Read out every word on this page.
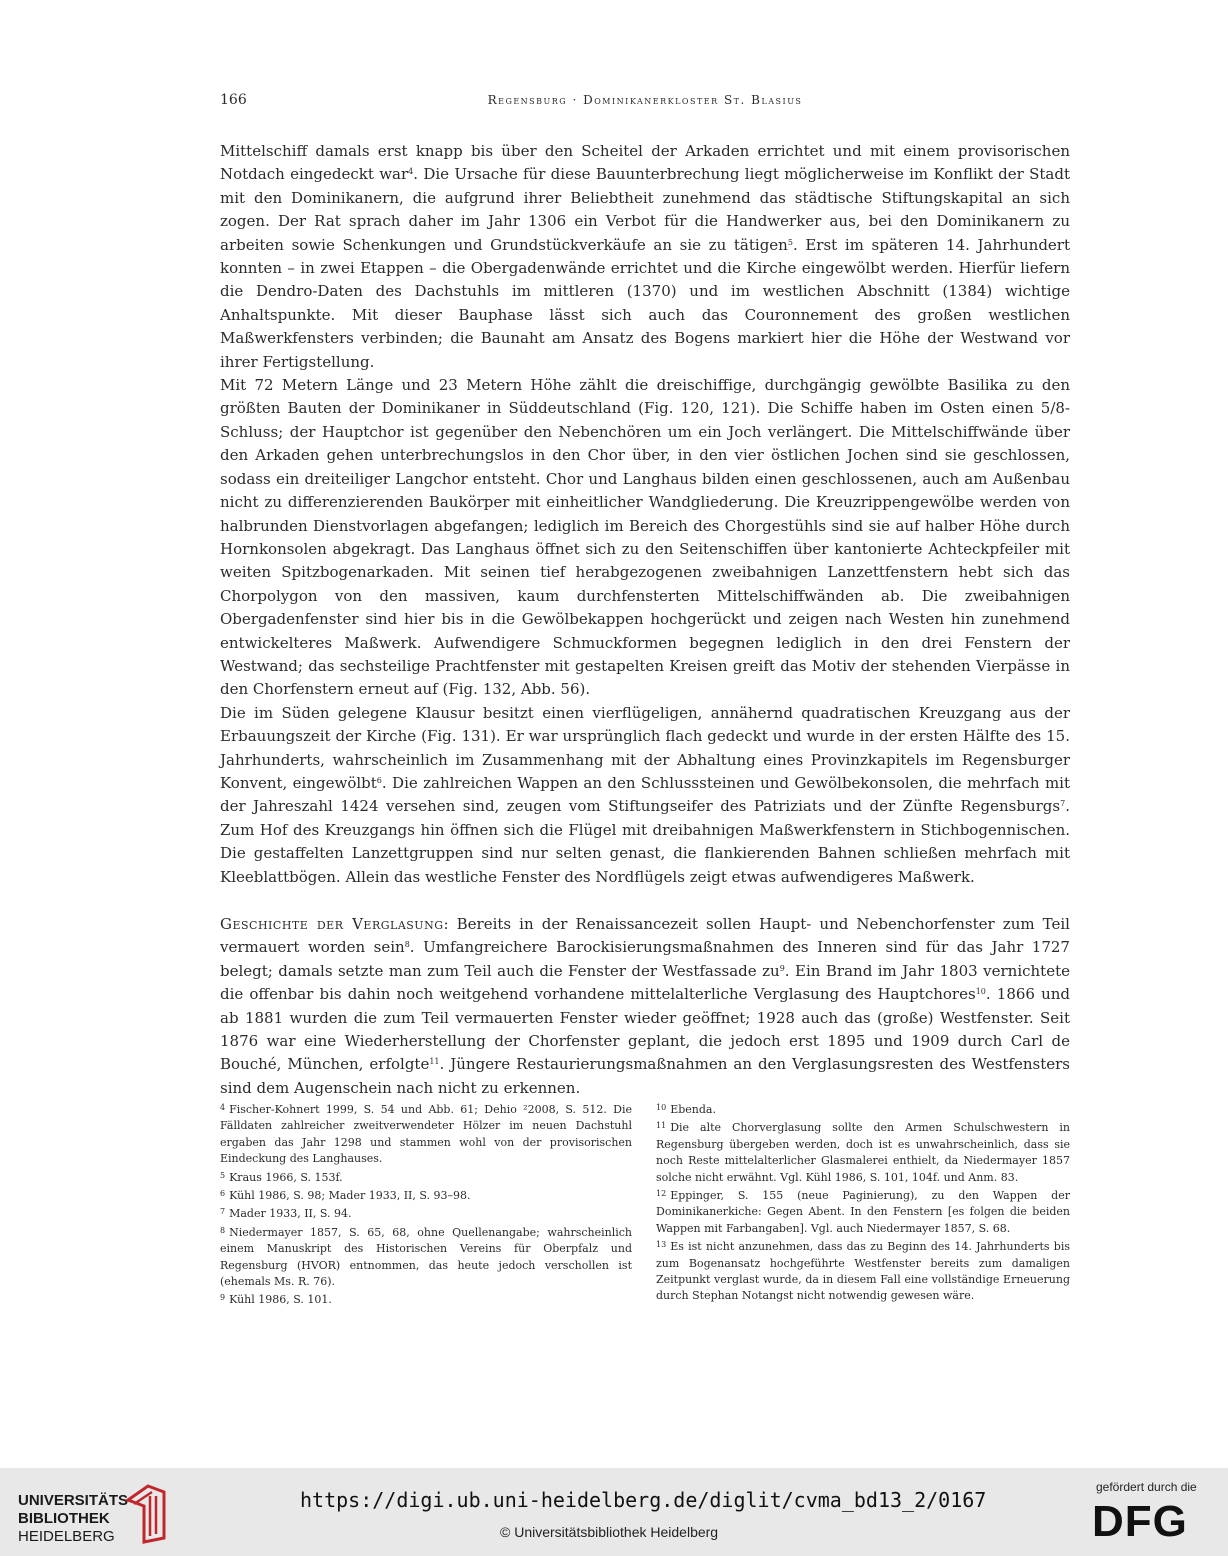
166	Regensburg · Dominikanerkloster St. Blasius

Mittelschiff damals erst knapp bis über den Scheitel der Arkaden errichtet und mit einem provisorischen Notdach eingedeckt war$^4$. Die Ursache für diese Bauunterbrechung liegt möglicherweise im Konflikt der Stadt mit den Dominikanern, die aufgrund ihrer Beliebtheit zunehmend das städtische Stiftungskapital an sich zogen. Der Rat sprach daher im Jahr 1306 ein Verbot für die Handwerker aus, bei den Dominikanern zu arbeiten sowie Schenkungen und Grundstückverkäufe an sie zu tätigen$^5$. Erst im späteren 14. Jahrhundert konnten – in zwei Etappen – die Obergadenwände errichtet und die Kirche eingewölbt werden. Hierfür liefern die Dendro-Daten des Dachstuhls im mittleren (1370) und im westlichen Abschnitt (1384) wichtige Anhaltspunkte. Mit dieser Bauphase lässt sich auch das Couronnement des großen westlichen Maßwerkfensters verbinden; die Baunaht am Ansatz des Bogens markiert hier die Höhe der Westwand vor ihrer Fertigstellung.

Mit 72 Metern Länge und 23 Metern Höhe zählt die dreischiffige, durchgängig gewölbte Basilika zu den größten Bauten der Dominikaner in Süddeutschland (Fig. 120, 121). Die Schiffe haben im Osten einen 5/8-Schluss; der Hauptchor ist gegenüber den Nebenchören um ein Joch verlängert. Die Mittelschiffwände über den Arkaden gehen unterbrechungslos in den Chor über, in den vier östlichen Jochen sind sie geschlossen, sodass ein dreiteiliger Langchor entsteht. Chor und Langhaus bilden einen geschlossenen, auch am Außenbau nicht zu differenzierenden Baukörper mit einheitlicher Wandgliederung. Die Kreuzrippengewölbe werden von halbrunden Dienstvorlagen abgefangen; lediglich im Bereich des Chorgestühls sind sie auf halber Höhe durch Hornkonsolen abgekragt. Das Langhaus öffnet sich zu den Seitenschiffen über kantonierte Achteckpfeiler mit weiten Spitzbogenarkaden. Mit seinen tief herabgezogenen zweibahnigen Lanzettfenstern hebt sich das Chorpolygon von den massiven, kaum durchfensterten Mittelschiffwänden ab. Die zweibahnigen Obergadenfenster sind hier bis in die Gewölbekappen hochgerückt und zeigen nach Westen hin zunehmend entwickelteres Maßwerk. Aufwendigere Schmuckformen begegnen lediglich in den drei Fenstern der Westwand; das sechsteilige Prachtfenster mit gestapelten Kreisen greift das Motiv der stehenden Vierpässe in den Chorfenstern erneut auf (Fig. 132, Abb. 56).

Die im Süden gelegene Klausur besitzt einen vierflügeligen, annähernd quadratischen Kreuzgang aus der Erbauungszeit der Kirche (Fig. 131). Er war ursprünglich flach gedeckt und wurde in der ersten Hälfte des 15. Jahrhunderts, wahrscheinlich im Zusammenhang mit der Abhaltung eines Provinzkapitels im Regensburger Konvent, eingewölbt$^6$. Die zahlreichen Wappen an den Schlusssteinen und Gewölbekonsolen, die mehrfach mit der Jahreszahl 1424 versehen sind, zeugen vom Stiftungseifer des Patriziats und der Zünfte Regensburgs$^7$. Zum Hof des Kreuzgangs hin öffnen sich die Flügel mit dreibahnigen Maßwerkfenstern in Stichbogennischen. Die gestaffelten Lanzettgruppen sind nur selten genast, die flankierenden Bahnen schließen mehrfach mit Kleeblattbögen. Allein das westliche Fenster des Nordflügels zeigt etwas aufwendigeres Maßwerk.

Geschichte der Verglasung: Bereits in der Renaissancezeit sollen Haupt- und Nebenchorfenster zum Teil vermauert worden sein$^8$. Umfangreichere Barockisierungsmaßnahmen des Inneren sind für das Jahr 1727 belegt; damals setzte man zum Teil auch die Fenster der Westfassade $zu^9$. Ein Brand im Jahr 1803 vernichtete die offenbar bis dahin noch weitgehend vorhandene mittelalterliche Verglasung des Hauptchores$^{10}$. 1866 und ab 1881 wurden die zum Teil vermauerten Fenster wieder geöffnet; 1928 auch das (große) Westfenster. Seit 1876 war eine Wiederherstellung der Chorfenster geplant, die jedoch erst 1895 und 1909 durch Carl de Bouché, München, erfolgte$^{11}$. Jüngere Restaurierungsmaßnahmen an den Verglasungsresten des Westfensters sind dem Augenschein nach nicht zu erkennen.

$^4$ Fischer-Kohnert 1999, S. 54 und Abb. 61; Dehio ²2008, S. 512. Die Fälldaten zahlreicher zweitverwendeter Hölzer im neuen Dachstuhl ergaben das Jahr 1298 und stammen wohl von der provisorischen Eindeckung des Langhauses.

$^5$ Kraus 1966, S. 153f.

$^6$ Kühl 1986, S. 98; Mader 1933, II, S. 93–98.

$^7$ Mader 1933, II, S. 94.

$^8$ Niedermayer 1857, S. 65, 68, ohne Quellenangabe; wahrscheinlich einem Manuskript des Historischen Vereins für Oberpfalz und Regensburg (HVOR) entnommen, das heute jedoch verschollen ist (ehemals Ms. R. 76).

$^9$ Kühl 1986, S. 101.

$^{10}$ Ebenda.

$^{11}$ Die alte Chorverglasung sollte den Armen Schulschwestern in Regensburg übergeben werden, doch ist es unwahrscheinlich, dass sie noch Reste mittelalterlicher Glasmalerei enthielt, da Niedermayer 1857 solche nicht erwähnt. Vgl. Kühl 1986, S. 101, 104f. und Anm. 83.

$^{12}$ Eppinger, S. 155 (neue Paginierung), zu den Wappen der Dominikanerkiche: Gegen Abent. In den Fenstern [es folgen die beiden Wappen mit Farbangaben]. Vgl. auch Niedermayer 1857, S. 68.

$^{13}$ Es ist nicht anzunehmen, dass das zu Beginn des 14. Jahrhunderts bis zum Bogenansatz hochgeführte Westfenster bereits zum damaligen Zeitpunkt verglast wurde, da in diesem Fall eine vollständige Erneuerung durch Stephan Notangst nicht notwendig gewesen wäre.

UNIVERSITÄTS-
BIBLIOTHEK
HEIDELBERG
https://digi.ub.uni-heidelberg.de/diglit/cvma_bd13_2/0167
© Universitätsbibliothek Heidelberg
gefördert durch die
DFG
